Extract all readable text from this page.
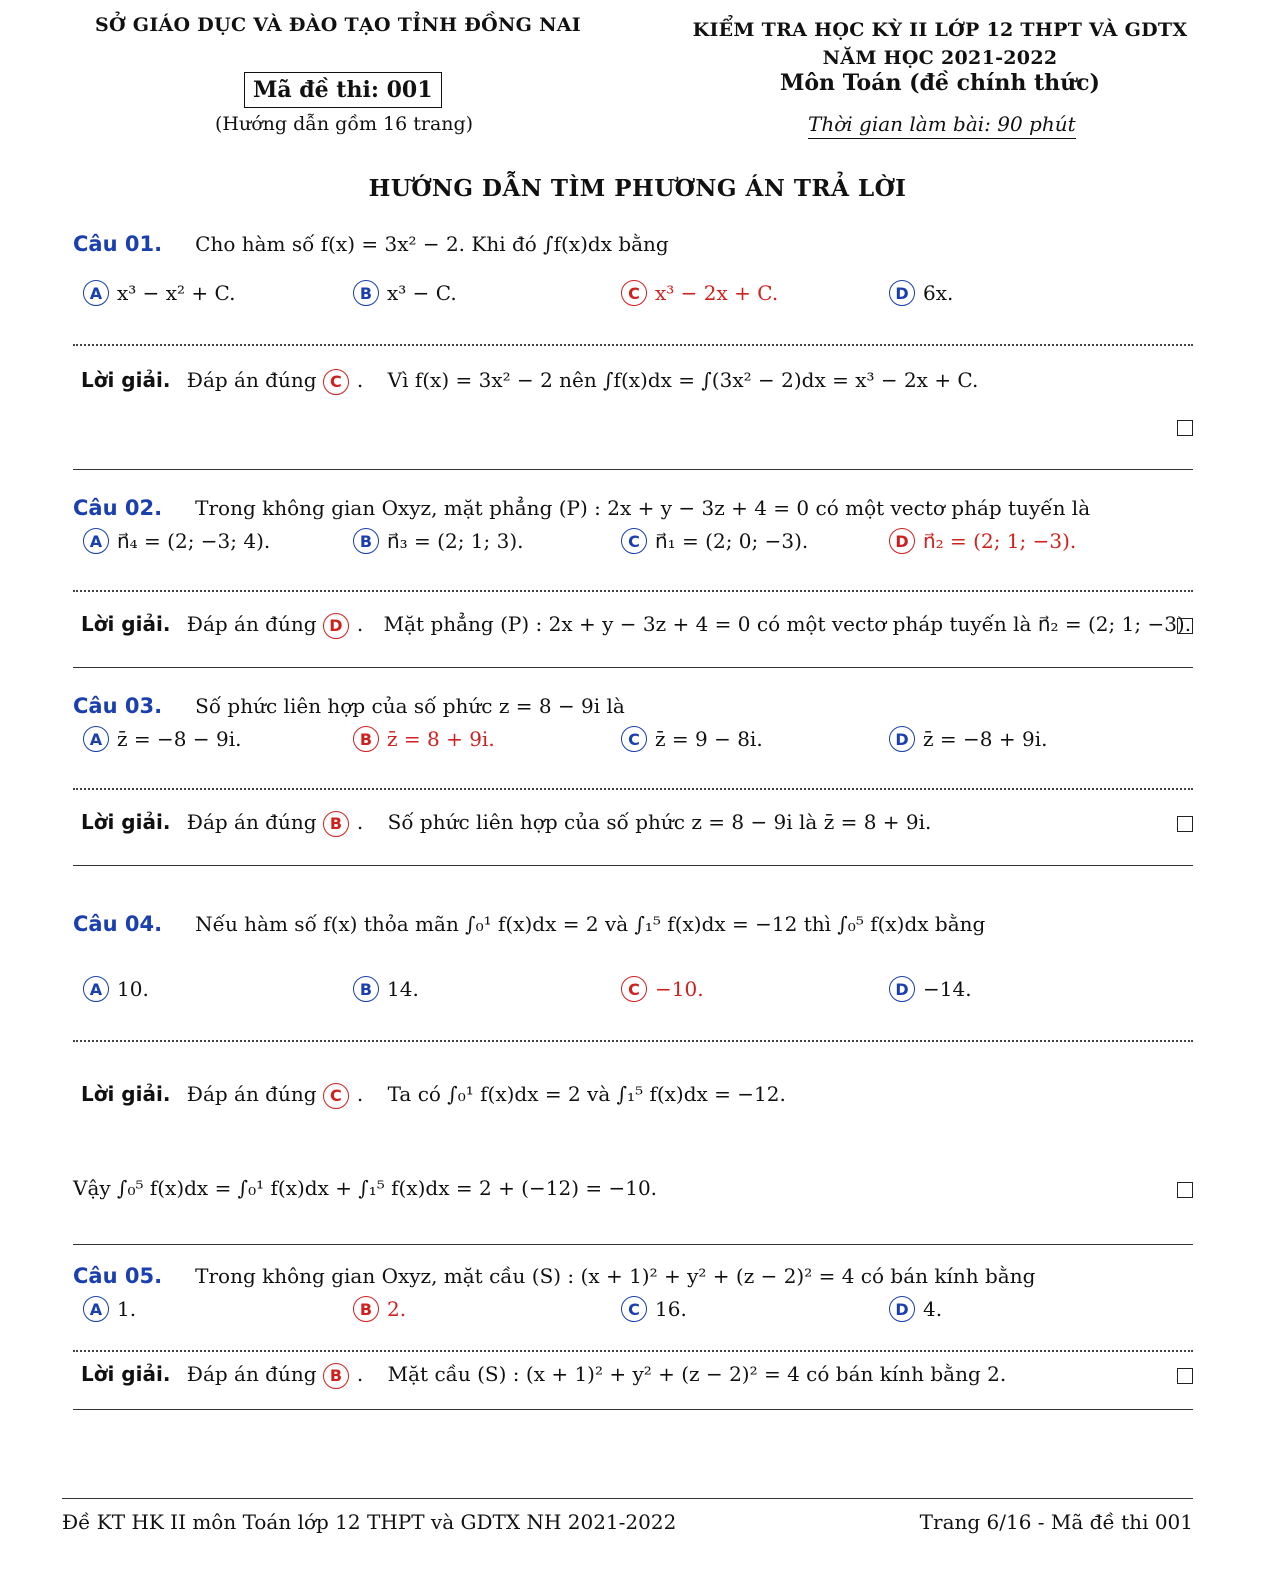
SỞ GIÁO DỤC VÀ ĐÀO TẠO TỈNH ĐỒNG NAI
Mã đề thi: 001
(Hướng dẫn gồm 16 trang)
KIỂM TRA HỌC KỲ II LỚP 12 THPT VÀ GDTX
NĂM HỌC 2021-2022
Môn Toán (đề chính thức)
Thời gian làm bài: 90 phút
HƯỚNG DẪN TÌM PHƯƠNG ÁN TRẢ LỜI
Câu 01. Cho hàm số f(x) = 3x² − 2. Khi đó ∫f(x)dx bằng
A x³ − x² + C.	B x³ − C.	C x³ − 2x + C.	D 6x.
Lời giải. Đáp án đúng C . Vì f(x) = 3x² − 2 nên ∫f(x)dx = ∫(3x² − 2)dx = x³ − 2x + C.
Câu 02. Trong không gian Oxyz, mặt phẳng (P) : 2x + y − 3z + 4 = 0 có một vectơ pháp tuyến là
A n⃗₄ = (2; −3; 4).	B n⃗₃ = (2; 1; 3).	C n⃗₁ = (2; 0; −3).	D n⃗₂ = (2; 1; −3).
Lời giải. Đáp án đúng D . Mặt phẳng (P) : 2x + y − 3z + 4 = 0 có một vectơ pháp tuyến là n⃗₂ = (2; 1; −3).
Câu 03. Số phức liên hợp của số phức z = 8 − 9i là
A z̄ = −8 − 9i.	B z̄ = 8 + 9i.	C z̄ = 9 − 8i.	D z̄ = −8 + 9i.
Lời giải. Đáp án đúng B . Số phức liên hợp của số phức z = 8 − 9i là z̄ = 8 + 9i.
Câu 04. Nếu hàm số f(x) thỏa mãn ∫₀¹ f(x)dx = 2 và ∫₁⁵ f(x)dx = −12 thì ∫₀⁵ f(x)dx bằng
A 10.	B 14.	C −10.	D −14.
Lời giải. Đáp án đúng C . Ta có ∫₀¹ f(x)dx = 2 và ∫₁⁵ f(x)dx = −12.
Vậy ∫₀⁵ f(x)dx = ∫₀¹ f(x)dx + ∫₁⁵ f(x)dx = 2 + (−12) = −10.
Câu 05. Trong không gian Oxyz, mặt cầu (S) : (x + 1)² + y² + (z − 2)² = 4 có bán kính bằng
A 1.	B 2.	C 16.	D 4.
Lời giải. Đáp án đúng B . Mặt cầu (S) : (x + 1)² + y² + (z − 2)² = 4 có bán kính bằng 2.
Đề KT HK II môn Toán lớp 12 THPT và GDTX NH 2021-2022	Trang 6/16 - Mã đề thi 001
